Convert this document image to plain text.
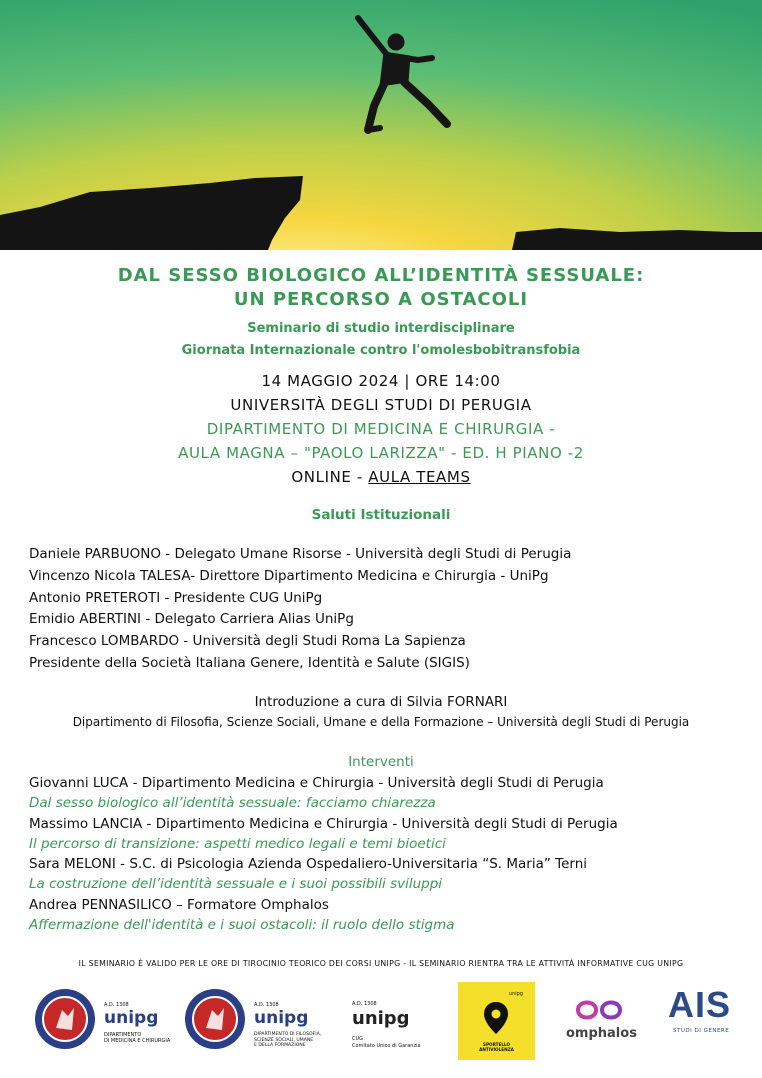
DAL SESSO BIOLOGICO ALL’IDENTITÀ SESSUALE:
UN PERCORSO A OSTACOLI
Seminario di studio interdisciplinare
Giornata Internazionale contro l'omolesbobitransfobia
14 MAGGIO 2024 | ORE 14:00
UNIVERSITÀ DEGLI STUDI DI PERUGIA
DIPARTIMENTO DI MEDICINA E CHIRURGIA -
AULA MAGNA – "PAOLO LARIZZA" - ED. H PIANO -2
ONLINE - AULA TEAMS
Saluti Istituzionali
Daniele PARBUONO - Delegato Umane Risorse - Università degli Studi di Perugia
Vincenzo Nicola TALESA- Direttore Dipartimento Medicina e Chirurgia - UniPg
Antonio PRETEROTI - Presidente CUG UniPg
Emidio ABERTINI - Delegato Carriera Alias UniPg
Francesco LOMBARDO - Università degli Studi Roma La Sapienza
Presidente della Società Italiana Genere, Identità e Salute (SIGIS)
Introduzione a cura di Silvia FORNARI
Dipartimento di Filosofia, Scienze Sociali, Umane e della Formazione – Università degli Studi di Perugia
Interventi
Giovanni LUCA - Dipartimento Medicina e Chirurgia - Università degli Studi di Perugia
Dal sesso biologico all’identità sessuale: facciamo chiarezza
Massimo LANCIA - Dipartimento Medicina e Chirurgia - Università degli Studi di Perugia
Il percorso di transizione: aspetti medico legali e temi bioetici
Sara MELONI - S.C. di Psicologia Azienda Ospedaliero-Universitaria “S. Maria” Terni
La costruzione dell’identità sessuale e i suoi possibili sviluppi
Andrea PENNASILICO – Formatore Omphalos
Affermazione dell'identità e i suoi ostacoli: il ruolo dello stigma
IL SEMINARIO È VALIDO PER LE ORE DI TIROCINIO TEORICO DEI CORSI UNIPG - IL SEMINARIO RIENTRA TRA LE ATTIVITÀ INFORMATIVE CUG UNIPG
A.D. 1308
unipg
DIPARTIMENTO
DI MEDICINA E CHIRURGIA
A.D. 1308
unipg
DIPARTIMENTO DI FILOSOFIA,
SCIENZE SOCIALI, UMANE
E DELLA FORMAZIONE
A.D. 1308
unipg
CUG
Comitato Unico di Garanzia
unipg
SPORTELLO
ANTIVIOLENZA
omphalos
AIS
STUDI DI GENERE
